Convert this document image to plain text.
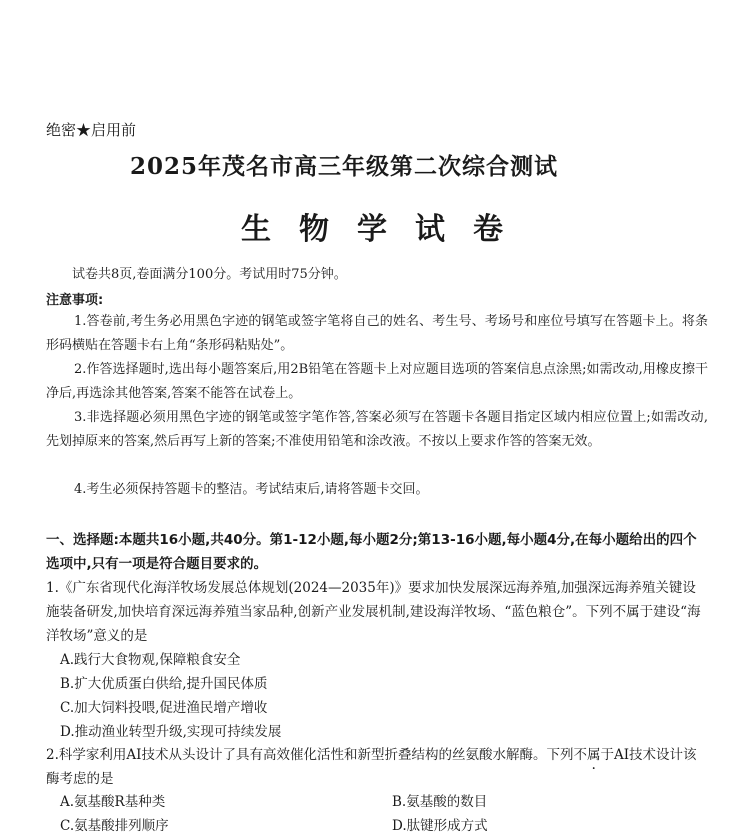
绝密★启用前
2025年茂名市高三年级第二次综合测试
生物学试卷
试卷共8页,卷面满分100分。考试用时75分钟。
注意事项:
1.答卷前,考生务必用黑色字迹的钢笔或签字笔将自己的姓名、考生号、考场号和座位号填写在答题卡上。将条形码横贴在答题卡右上角“条形码粘贴处”。
2.作答选择题时,选出每小题答案后,用2B铅笔在答题卡上对应题目选项的答案信息点涂黑;如需改动,用橡皮擦干净后,再选涂其他答案,答案不能答在试卷上。
3.非选择题必须用黑色字迹的钢笔或签字笔作答,答案必须写在答题卡各题目指定区域内相应位置上;如需改动,先划掉原来的答案,然后再写上新的答案;不准使用铅笔和涂改液。不按以上要求作答的答案无效。
4.考生必须保持答题卡的整洁。考试结束后,请将答题卡交回。
一、选择题:本题共16小题,共40分。第1-12小题,每小题2分;第13-16小题,每小题4分,在每小题给出的四个选项中,只有一项是符合题目要求的。
1.《广东省现代化海洋牧场发展总体规划(2024—2035年)》要求加快发展深远海养殖,加强深远海养殖关键设施装备研发,加快培育深远海养殖当家品种,创新产业发展机制,建设海洋牧场、“蓝色粮仓”。下列不属于建设“海洋牧场”意义的是
A.践行大食物观,保障粮食安全
B.扩大优质蛋白供给,提升国民体质
C.加大饲料投喂,促进渔民增产增收
D.推动渔业转型升级,实现可持续发展
2.科学家利用AI技术从头设计了具有高效催化活性和新型折叠结构的丝氨酸水解酶。下列不属于AI技术设计该酶考虑的是
A.氨基酸R基种类	B.氨基酸的数目
C.氨基酸排列顺序	D.肽键形成方式
